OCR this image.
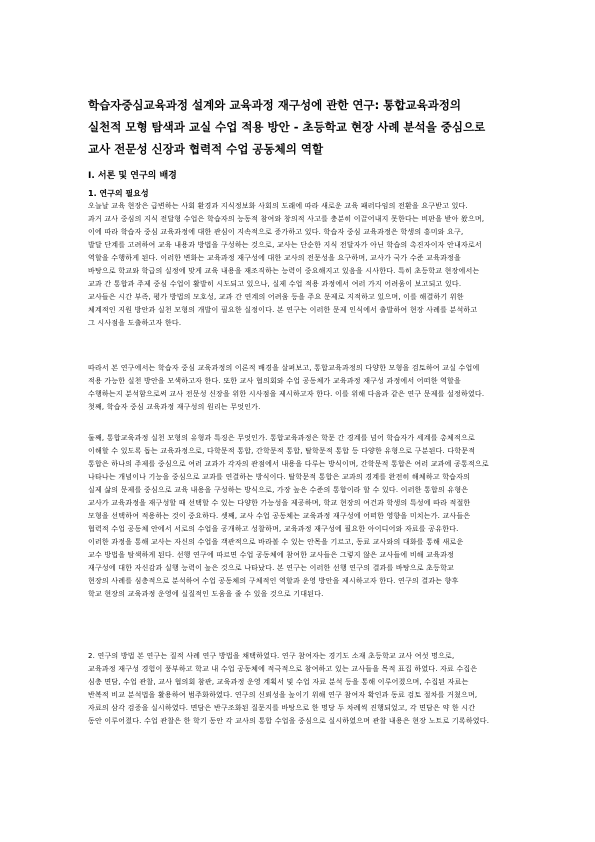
학습자중심교육과정 설계와 교육과정 재구성에 관한 연구: 통합교육과정의
실천적 모형 탐색과 교실 수업 적용 방안 - 초등학교 현장 사례 분석을 중심으로
교사 전문성 신장과 협력적 수업 공동체의 역할
Ⅰ. 서론 및 연구의 배경
1. 연구의 필요성
오늘날 교육 현장은 급변하는 사회 환경과 지식정보화 사회의 도래에 따라 새로운 교육 패러다임의 전환을 요구받고 있다.
과거 교사 중심의 지식 전달형 수업은 학습자의 능동적 참여와 창의적 사고를 충분히 이끌어내지 못한다는 비판을 받아 왔으며,
이에 따라 학습자 중심 교육과정에 대한 관심이 지속적으로 증가하고 있다. 학습자 중심 교육과정은 학생의 흥미와 요구,
발달 단계를 고려하여 교육 내용과 방법을 구성하는 것으로, 교사는 단순한 지식 전달자가 아닌 학습의 촉진자이자 안내자로서
역할을 수행하게 된다. 이러한 변화는 교육과정 재구성에 대한 교사의 전문성을 요구하며, 교사가 국가 수준 교육과정을
바탕으로 학교와 학급의 실정에 맞게 교육 내용을 재조직하는 능력이 중요해지고 있음을 시사한다. 특히 초등학교 현장에서는
교과 간 통합과 주제 중심 수업이 활발히 시도되고 있으나, 실제 수업 적용 과정에서 여러 가지 어려움이 보고되고 있다.
교사들은 시간 부족, 평가 방법의 모호성, 교과 간 연계의 어려움 등을 주요 문제로 지적하고 있으며, 이를 해결하기 위한
체계적인 지원 방안과 실천 모형의 개발이 필요한 실정이다. 본 연구는 이러한 문제 인식에서 출발하여 현장 사례를 분석하고
그 시사점을 도출하고자 한다.
따라서 본 연구에서는 학습자 중심 교육과정의 이론적 배경을 살펴보고, 통합교육과정의 다양한 모형을 검토하여 교실 수업에
적용 가능한 실천 방안을 모색하고자 한다. 또한 교사 협의회와 수업 공동체가 교육과정 재구성 과정에서 어떠한 역할을
수행하는지 분석함으로써 교사 전문성 신장을 위한 시사점을 제시하고자 한다. 이를 위해 다음과 같은 연구 문제를 설정하였다.
첫째, 학습자 중심 교육과정 재구성의 원리는 무엇인가.
둘째, 통합교육과정 실천 모형의 유형과 특징은 무엇인가. 통합교육과정은 학문 간 경계를 넘어 학습자가 세계를 총체적으로
이해할 수 있도록 돕는 교육과정으로, 다학문적 통합, 간학문적 통합, 탈학문적 통합 등 다양한 유형으로 구분된다. 다학문적
통합은 하나의 주제를 중심으로 여러 교과가 각자의 관점에서 내용을 다루는 방식이며, 간학문적 통합은 여러 교과에 공통적으로
나타나는 개념이나 기능을 중심으로 교과를 연결하는 방식이다. 탈학문적 통합은 교과의 경계를 완전히 해체하고 학습자의
실제 삶의 문제를 중심으로 교육 내용을 구성하는 방식으로, 가장 높은 수준의 통합이라 할 수 있다. 이러한 통합의 유형은
교사가 교육과정을 재구성할 때 선택할 수 있는 다양한 가능성을 제공하며, 학교 현장의 여건과 학생의 특성에 따라 적절한
모형을 선택하여 적용하는 것이 중요하다. 셋째, 교사 수업 공동체는 교육과정 재구성에 어떠한 영향을 미치는가. 교사들은
협력적 수업 공동체 안에서 서로의 수업을 공개하고 성찰하며, 교육과정 재구성에 필요한 아이디어와 자료를 공유한다.
이러한 과정을 통해 교사는 자신의 수업을 객관적으로 바라볼 수 있는 안목을 기르고, 동료 교사와의 대화를 통해 새로운
교수 방법을 탐색하게 된다. 선행 연구에 따르면 수업 공동체에 참여한 교사들은 그렇지 않은 교사들에 비해 교육과정
재구성에 대한 자신감과 실행 능력이 높은 것으로 나타났다. 본 연구는 이러한 선행 연구의 결과를 바탕으로 초등학교
현장의 사례를 심층적으로 분석하여 수업 공동체의 구체적인 역할과 운영 방안을 제시하고자 한다. 연구의 결과는 향후
학교 현장의 교육과정 운영에 실질적인 도움을 줄 수 있을 것으로 기대된다.
2. 연구의 방법 본 연구는 질적 사례 연구 방법을 채택하였다. 연구 참여자는 경기도 소재 초등학교 교사 여섯 명으로,
교육과정 재구성 경험이 풍부하고 학교 내 수업 공동체에 적극적으로 참여하고 있는 교사들을 목적 표집 하였다. 자료 수집은
심층 면담, 수업 관찰, 교사 협의회 참관, 교육과정 운영 계획서 및 수업 자료 분석 등을 통해 이루어졌으며, 수집된 자료는
반복적 비교 분석법을 활용하여 범주화하였다. 연구의 신뢰성을 높이기 위해 연구 참여자 확인과 동료 검토 절차를 거쳤으며,
자료의 삼각 검증을 실시하였다. 면담은 반구조화된 질문지를 바탕으로 한 명당 두 차례씩 진행되었고, 각 면담은 약 한 시간
동안 이루어졌다. 수업 관찰은 한 학기 동안 각 교사의 통합 수업을 중심으로 실시하였으며 관찰 내용은 현장 노트로 기록하였다.
